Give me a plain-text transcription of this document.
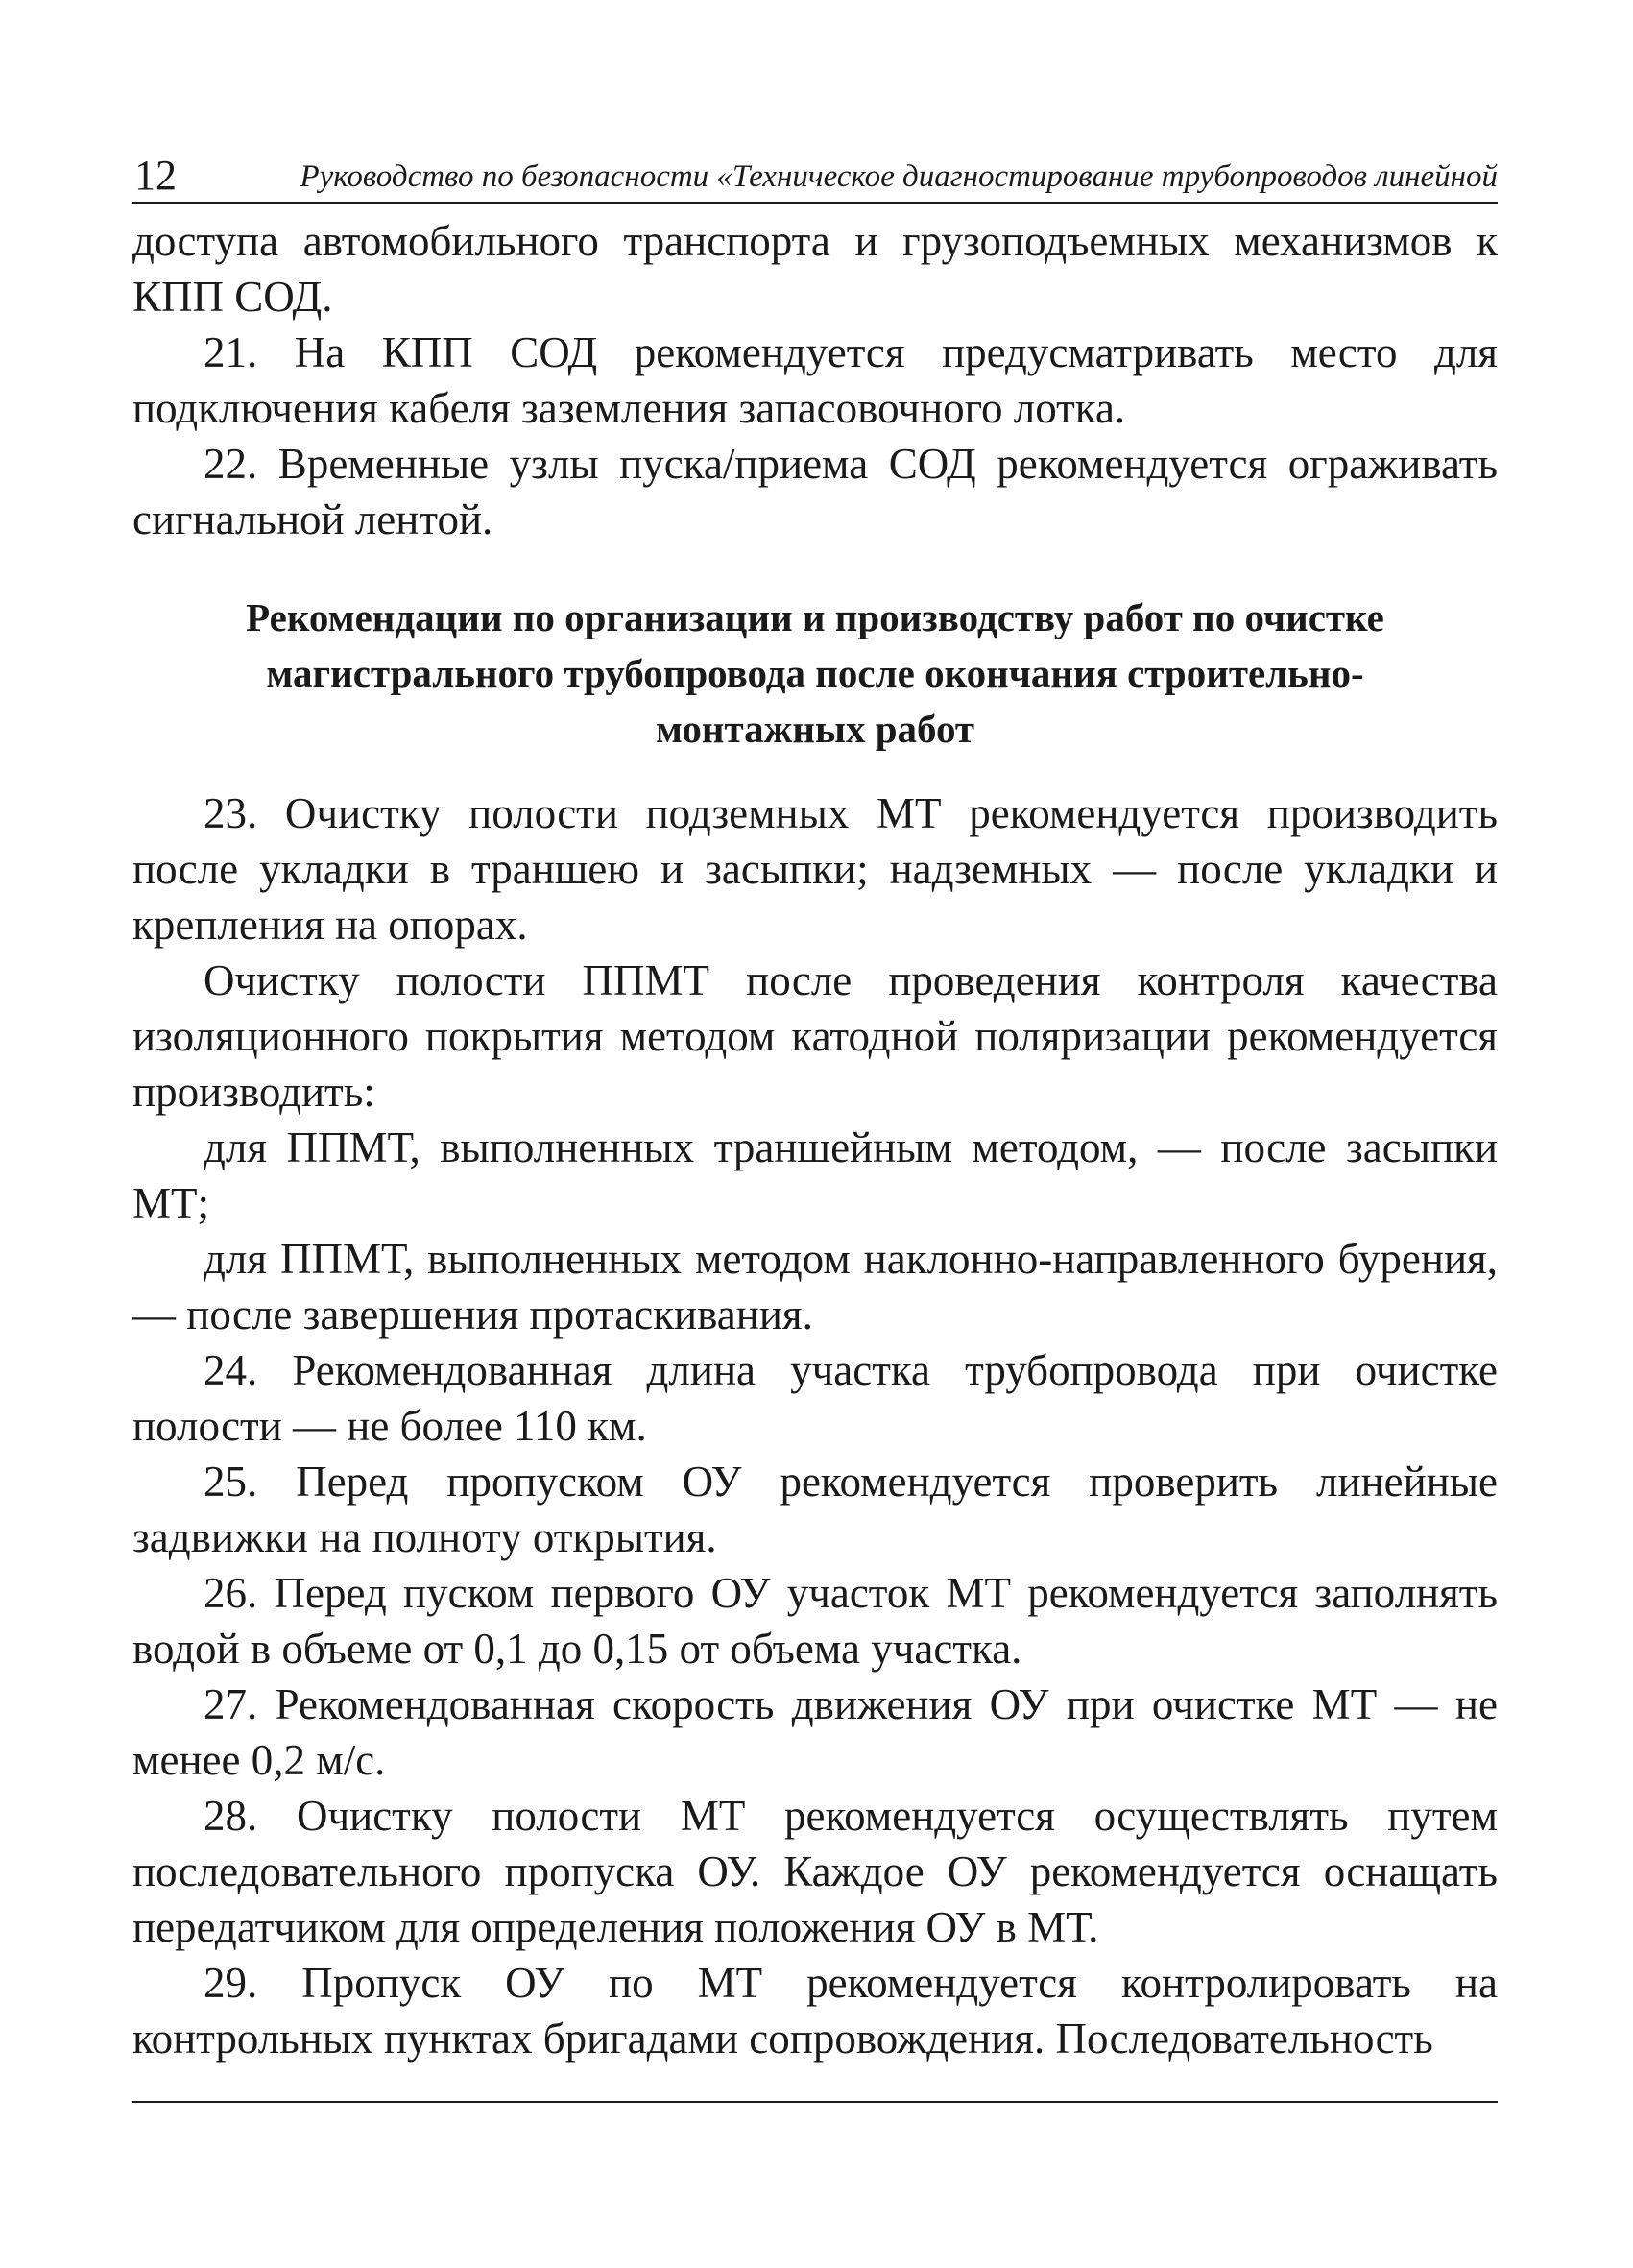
12	Руководство по безопасности «Техническое диагностирование трубопроводов линейной

доступа автомобильного транспорта и грузоподъемных механизмов к КПП СОД.

21. На КПП СОД рекомендуется предусматривать место для подключения кабеля заземления запасовочного лотка.

22. Временные узлы пуска/приема СОД рекомендуется ограживать сигнальной лентой.

Рекомендации по организации и производству работ по очистке магистрального трубопровода после окончания строительно-монтажных работ

23. Очистку полости подземных МТ рекомендуется производить после укладки в траншею и засыпки; надземных — после укладки и крепления на опорах.

Очистку полости ППМТ после проведения контроля качества изоляционного покрытия методом катодной поляризации рекомендуется производить:

для ППМТ, выполненных траншейным методом, — после засыпки МТ;

для ППМТ, выполненных методом наклонно-направленного бурения, — после завершения протаскивания.

24. Рекомендованная длина участка трубопровода при очистке полости — не более 110 км.

25. Перед пропуском ОУ рекомендуется проверить линейные задвижки на полноту открытия.

26. Перед пуском первого ОУ участок МТ рекомендуется заполнять водой в объеме от 0,1 до 0,15 от объема участка.

27. Рекомендованная скорость движения ОУ при очистке МТ — не менее 0,2 м/с.

28. Очистку полости МТ рекомендуется осуществлять путем последовательного пропуска ОУ. Каждое ОУ рекомендуется оснащать передатчиком для определения положения ОУ в МТ.

29. Пропуск ОУ по МТ рекомендуется контролировать на контрольных пунктах бригадами сопровождения. Последовательность
